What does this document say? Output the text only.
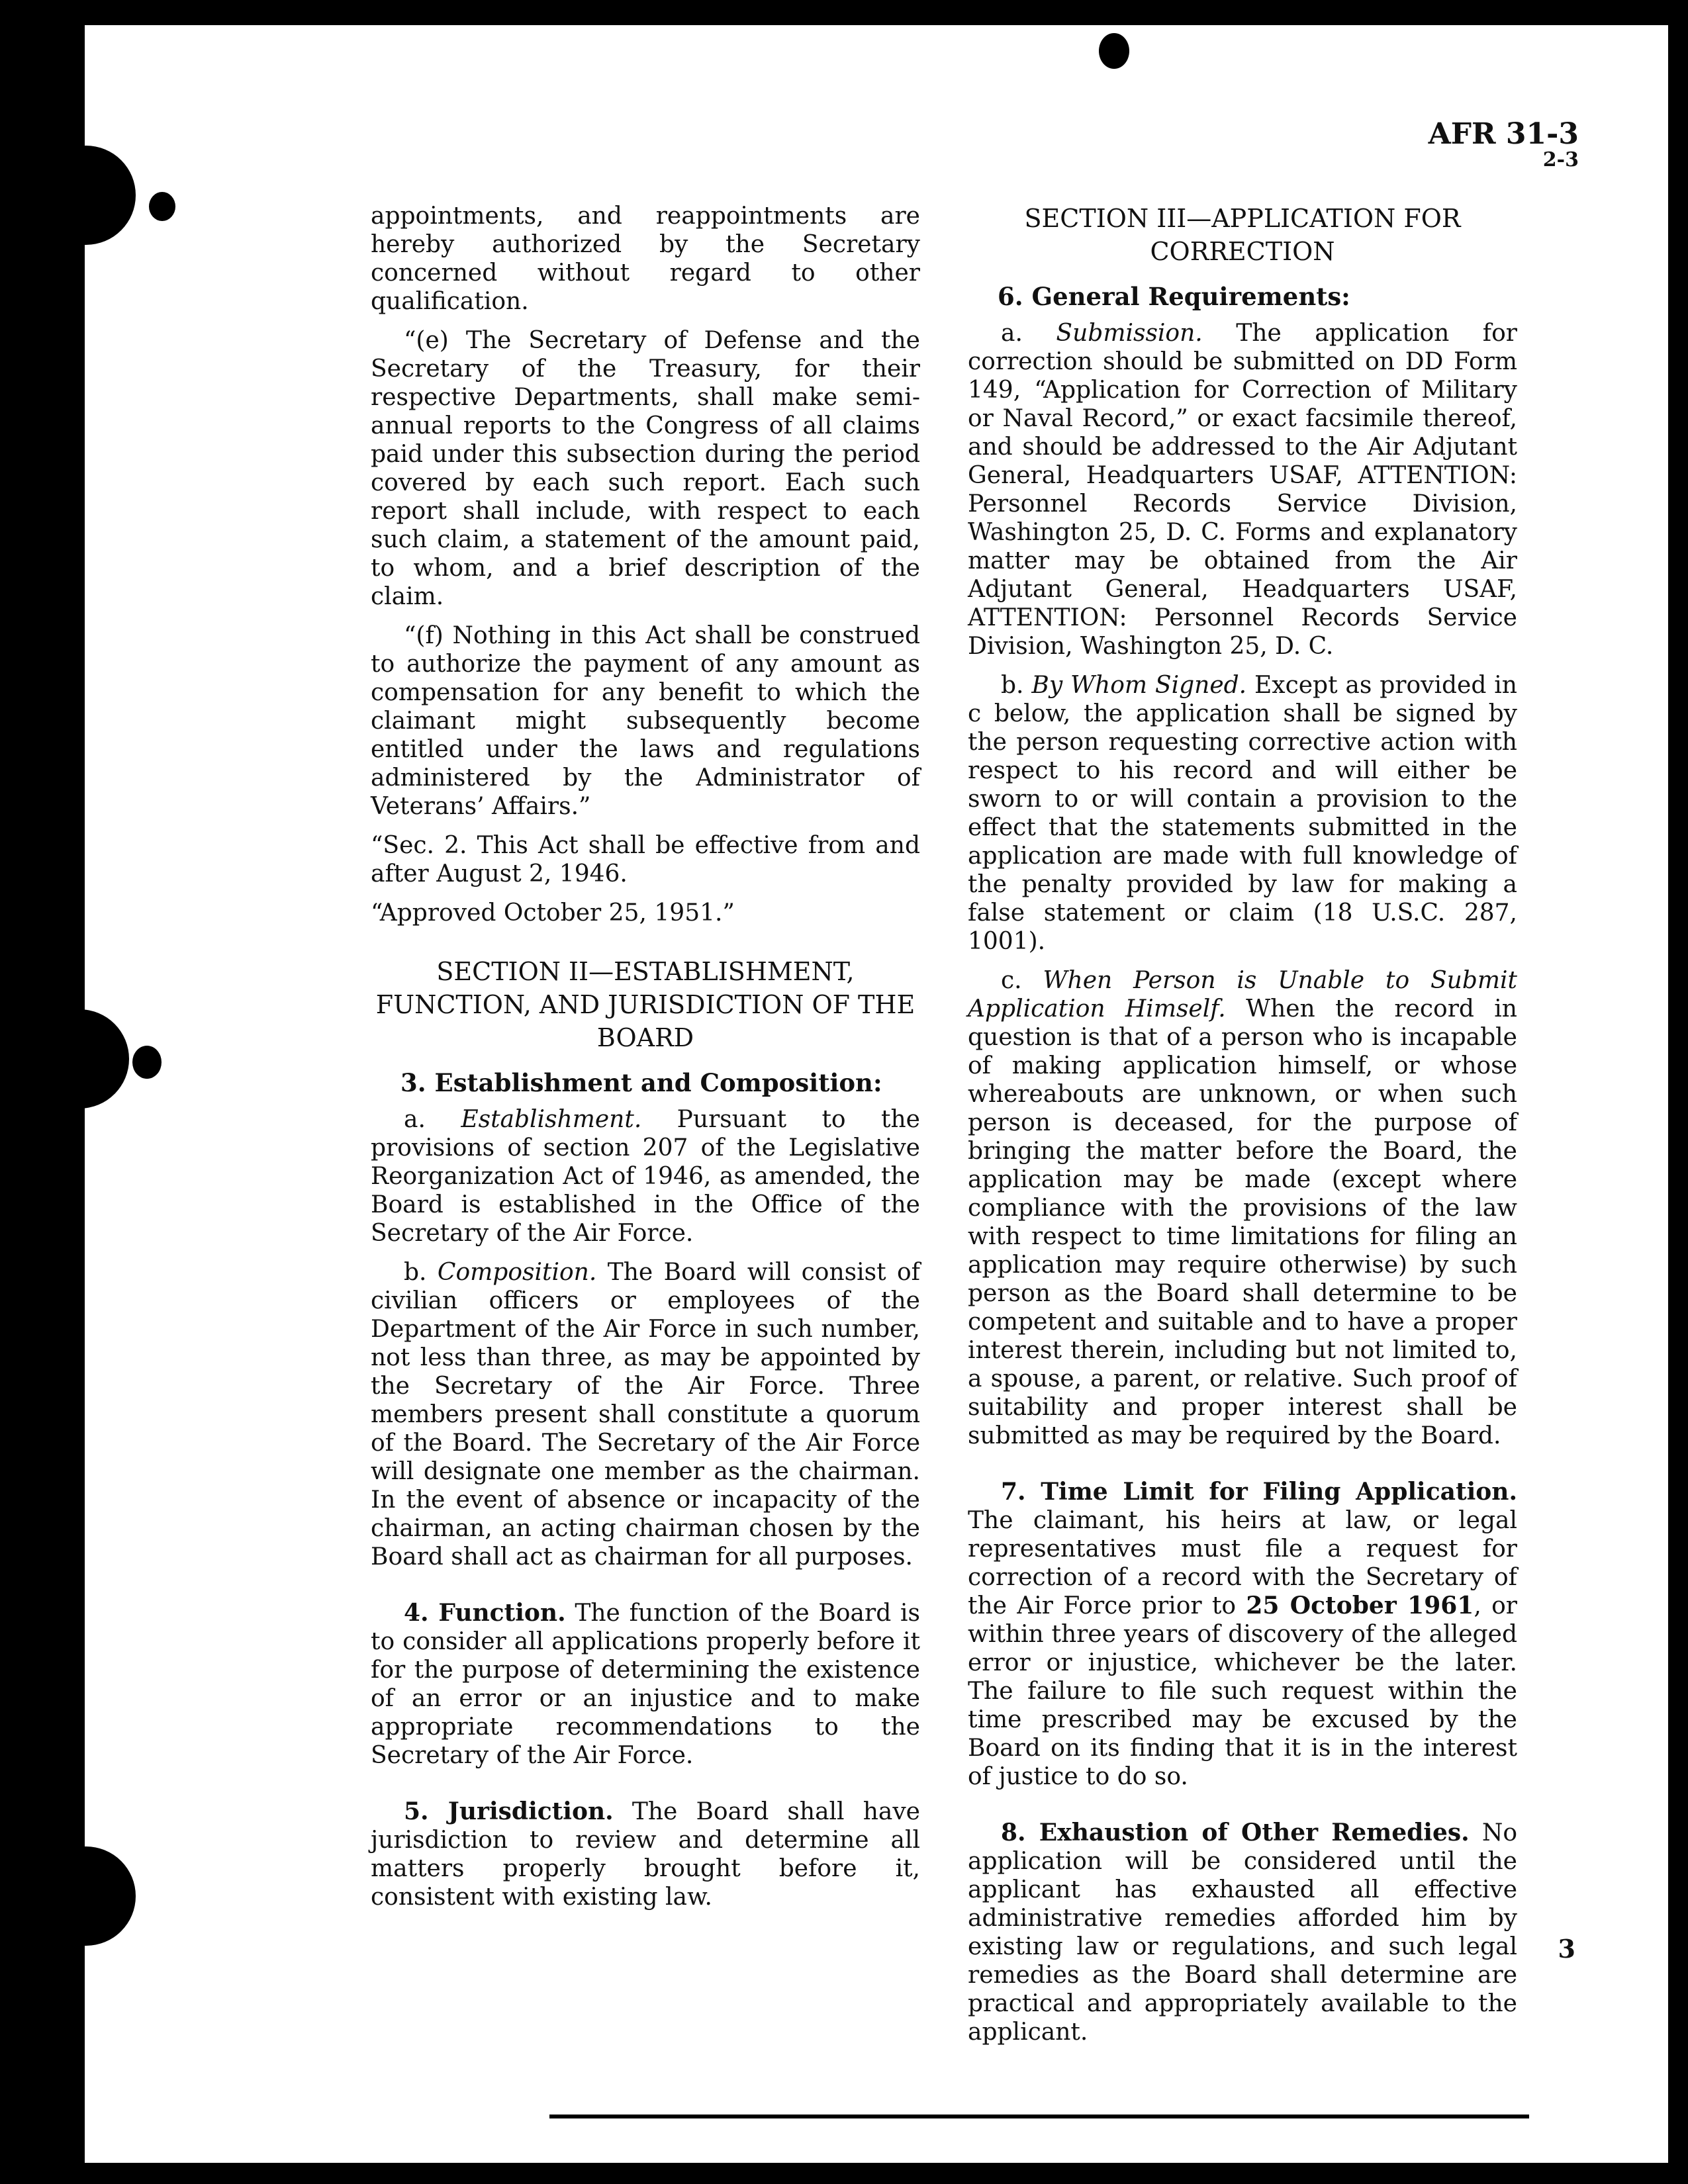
AFR 31-3
2-3

appointments, and reappointments are hereby authorized by the Secretary concerned without regard to other qualification.

“(e) The Secretary of Defense and the Secretary of the Treasury, for their respective Departments, shall make semi-annual reports to the Congress of all claims paid under this subsection during the period covered by each such report. Each such report shall include, with respect to each such claim, a statement of the amount paid, to whom, and a brief description of the claim.

“(f) Nothing in this Act shall be construed to authorize the payment of any amount as compensation for any benefit to which the claimant might subsequently become entitled under the laws and regulations administered by the Administrator of Veterans’ Affairs.”

“Sec. 2. This Act shall be effective from and after August 2, 1946.

“Approved October 25, 1951.”

SECTION II—ESTABLISHMENT, FUNCTION, AND JURISDICTION OF THE BOARD
3. Establishment and Composition:

a. Establishment. Pursuant to the provisions of section 207 of the Legislative Reorganization Act of 1946, as amended, the Board is established in the Office of the Secretary of the Air Force.

b. Composition. The Board will consist of civilian officers or employees of the Department of the Air Force in such number, not less than three, as may be appointed by the Secretary of the Air Force. Three members present shall constitute a quorum of the Board. The Secretary of the Air Force will designate one member as the chairman. In the event of absence or incapacity of the chairman, an acting chairman chosen by the Board shall act as chairman for all purposes.

4. Function. The function of the Board is to consider all applications properly before it for the purpose of determining the existence of an error or an injustice and to make appropriate recommendations to the Secretary of the Air Force.

5. Jurisdiction. The Board shall have jurisdiction to review and determine all matters properly brought before it, consistent with existing law.

SECTION III—APPLICATION FOR CORRECTION
6. General Requirements:

a. Submission. The application for correction should be submitted on DD Form 149, “Application for Correction of Military or Naval Record,” or exact facsimile thereof, and should be addressed to the Air Adjutant General, Headquarters USAF, ATTENTION: Personnel Records Service Division, Washington 25, D. C. Forms and explanatory matter may be obtained from the Air Adjutant General, Headquarters USAF, ATTENTION: Personnel Records Service Division, Washington 25, D. C.

b. By Whom Signed. Except as provided in c below, the application shall be signed by the person requesting corrective action with respect to his record and will either be sworn to or will contain a provision to the effect that the statements submitted in the application are made with full knowledge of the penalty provided by law for making a false statement or claim (18 U.S.C. 287, 1001).

c. When Person is Unable to Submit Application Himself. When the record in question is that of a person who is incapable of making application himself, or whose whereabouts are unknown, or when such person is deceased, for the purpose of bringing the matter before the Board, the application may be made (except where compliance with the provisions of the law with respect to time limitations for filing an application may require otherwise) by such person as the Board shall determine to be competent and suitable and to have a proper interest therein, including but not limited to, a spouse, a parent, or relative. Such proof of suitability and proper interest shall be submitted as may be required by the Board.

7. Time Limit for Filing Application. The claimant, his heirs at law, or legal representatives must file a request for correction of a record with the Secretary of the Air Force prior to 25 October 1961, or within three years of discovery of the alleged error or injustice, whichever be the later. The failure to file such request within the time prescribed may be excused by the Board on its finding that it is in the interest of justice to do so.

8. Exhaustion of Other Remedies. No application will be considered until the applicant has exhausted all effective administrative remedies afforded him by existing law or regulations, and such legal remedies as the Board shall determine are practical and appropriately available to the applicant.

3
